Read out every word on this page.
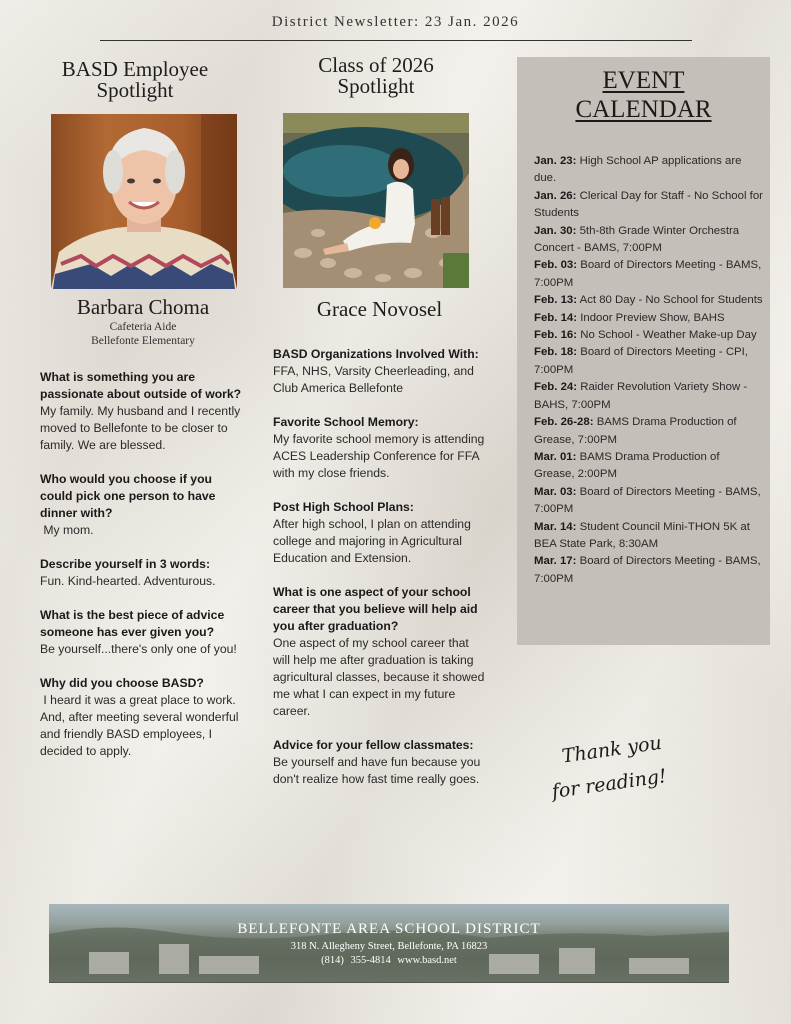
District Newsletter: 23 Jan. 2026
BASD Employee
Spotlight
Barbara Choma
Cafeteria Aide
Bellefonte Elementary

What is something you are passionate about outside of work?
My family. My husband and I recently moved to Bellefonte to be closer to family. We are blessed.

Who would you choose if you could pick one person to have dinner with?
My mom.

Describe yourself in 3 words:
Fun. Kind-hearted. Adventurous.

What is the best piece of advice someone has ever given you?
Be yourself...there's only one of you!

Why did you choose BASD?
I heard it was a great place to work. And, after meeting several wonderful and friendly BASD employees, I decided to apply.

Class of 2026
Spotlight
Grace Novosel

BASD Organizations Involved With:
FFA, NHS, Varsity Cheerleading, and Club America Bellefonte

Favorite School Memory:
My favorite school memory is attending ACES Leadership Conference for FFA with my close friends.

Post High School Plans:
After high school, I plan on attending college and majoring in Agricultural Education and Extension.

What is one aspect of your school career that you believe will help aid you after graduation?
One aspect of my school career that will help me after graduation is taking agricultural classes, because it showed me what I can expect in my future career.

Advice for your fellow classmates:
Be yourself and have fun because you don't realize how fast time really goes.

EVENT
CALENDAR

Jan. 23: High School AP applications are due.

Jan. 26: Clerical Day for Staff - No School for Students

Jan. 30: 5th-8th Grade Winter Orchestra Concert - BAMS, 7:00PM

Feb. 03: Board of Directors Meeting - BAMS, 7:00PM

Feb. 13: Act 80 Day - No School for Students

Feb. 14: Indoor Preview Show, BAHS

Feb. 16: No School - Weather Make-up Day

Feb. 18: Board of Directors Meeting - CPI, 7:00PM

Feb. 24: Raider Revolution Variety Show - BAHS, 7:00PM

Feb. 26-28: BAMS Drama Production of Grease, 7:00PM

Mar. 01: BAMS Drama Production of Grease, 2:00PM

Mar. 03: Board of Directors Meeting - BAMS, 7:00PM

Mar. 14: Student Council Mini-THON 5K at BEA State Park, 8:30AM

Mar. 17: Board of Directors Meeting - BAMS, 7:00PM

Thank you
for reading!
BELLEFONTE AREA SCHOOL DISTRICT
318 N. Allegheny Street, Bellefonte, PA 16823
(814) 355-4814 www.basd.net
